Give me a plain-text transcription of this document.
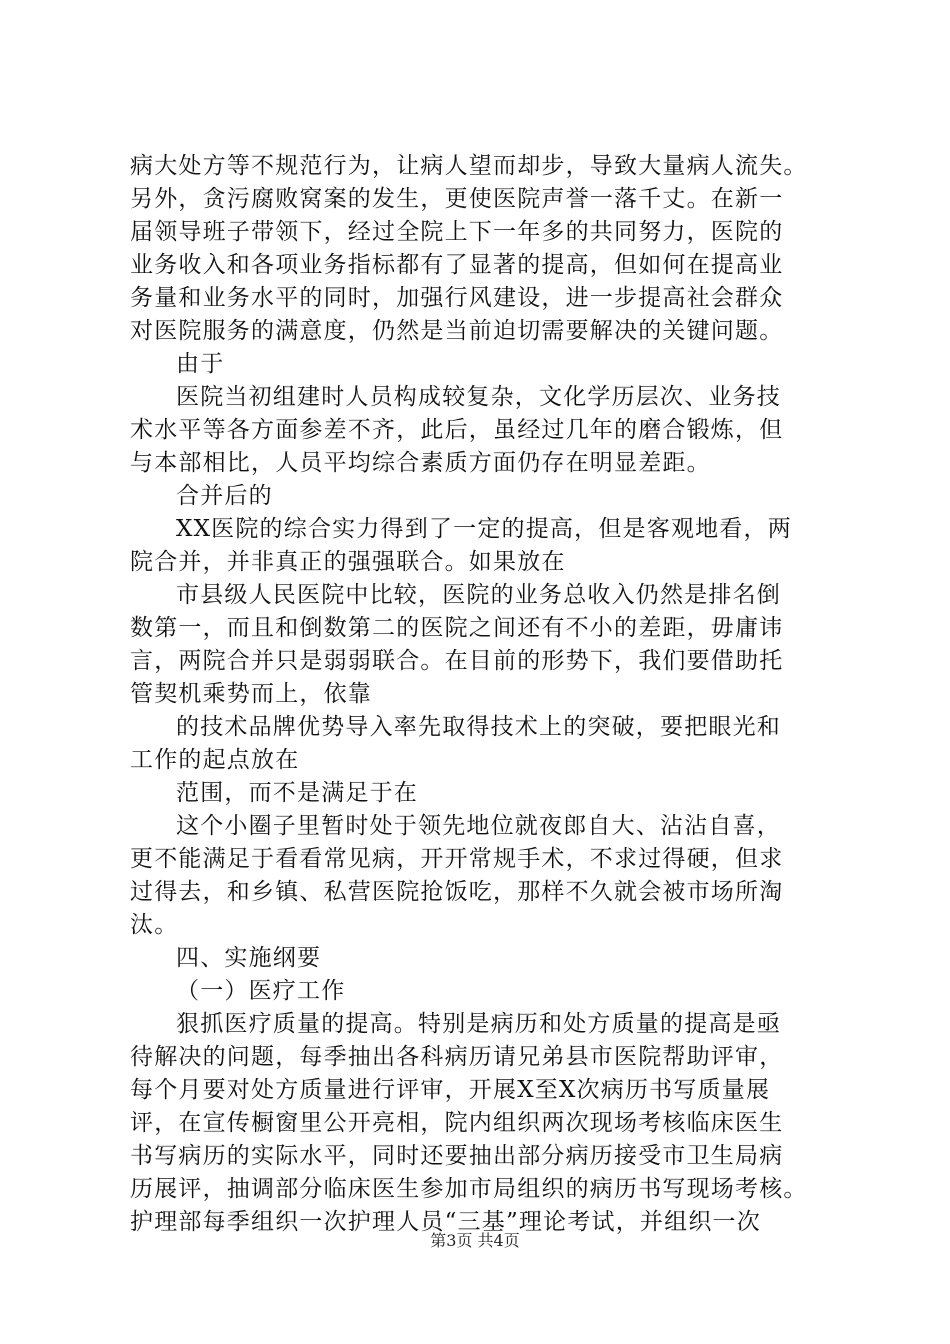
病大处方等不规范行为，让病人望而却步，导致大量病人流失。
另外，贪污腐败窝案的发生，更使医院声誉一落千丈。在新一
届领导班子带领下，经过全院上下一年多的共同努力，医院的
业务收入和各项业务指标都有了显著的提高，但如何在提高业
务量和业务水平的同时，加强行风建设，进一步提高社会群众
对医院服务的满意度，仍然是当前迫切需要解决的关键问题。
由于
医院当初组建时人员构成较复杂，文化学历层次、业务技
术水平等各方面参差不齐，此后，虽经过几年的磨合锻炼，但
与本部相比，人员平均综合素质方面仍存在明显差距。
合并后的
XX医院的综合实力得到了一定的提高，但是客观地看，两
院合并，并非真正的强强联合。如果放在
市县级人民医院中比较，医院的业务总收入仍然是排名倒
数第一，而且和倒数第二的医院之间还有不小的差距，毋庸讳
言，两院合并只是弱弱联合。在目前的形势下，我们要借助托
管契机乘势而上，依靠
的技术品牌优势导入率先取得技术上的突破，要把眼光和
工作的起点放在
范围，而不是满足于在
这个小圈子里暂时处于领先地位就夜郎自大、沾沾自喜，
更不能满足于看看常见病，开开常规手术，不求过得硬，但求
过得去，和乡镇、私营医院抢饭吃，那样不久就会被市场所淘
汰。
四、实施纲要
（一）医疗工作
狠抓医疗质量的提高。特别是病历和处方质量的提高是亟
待解决的问题，每季抽出各科病历请兄弟县市医院帮助评审，
每个月要对处方质量进行评审，开展X至X次病历书写质量展
评，在宣传橱窗里公开亮相，院内组织两次现场考核临床医生
书写病历的实际水平，同时还要抽出部分病历接受市卫生局病
历展评，抽调部分临床医生参加市局组织的病历书写现场考核。
护理部每季组织一次护理人员“三基”理论考试，并组织一次
第3页 共4页
